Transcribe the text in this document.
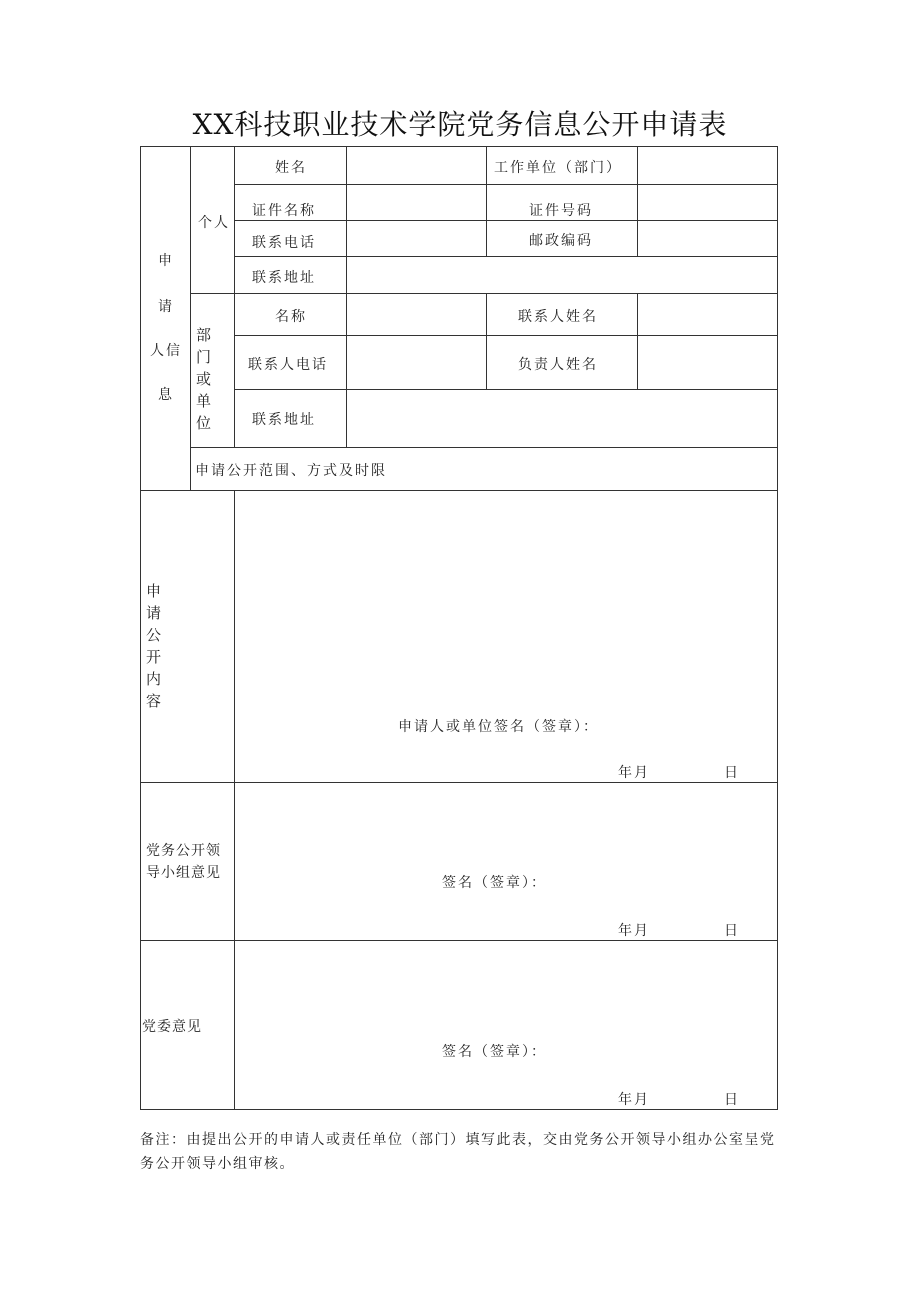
XX科技职业技术学院党务信息公开申请表
申
请
人信
息
个人
姓名	工作单位（部门）
证件名称	证件号码
联系电话	邮政编码
联系地址
部门或单位
名称	联系人姓名
联系人电话	负责人姓名
联系地址
申请公开范围、方式及时限
申请公开内容
申请人或单位签名（签章）：
年月	日
党务公开领导小组意见
签名（签章）：
年月	日
党委意见
签名（签章）：
年月	日
备注：由提出公开的申请人或责任单位（部门）填写此表，交由党务公开领导小组办公室呈党务公开领导小组审核。
